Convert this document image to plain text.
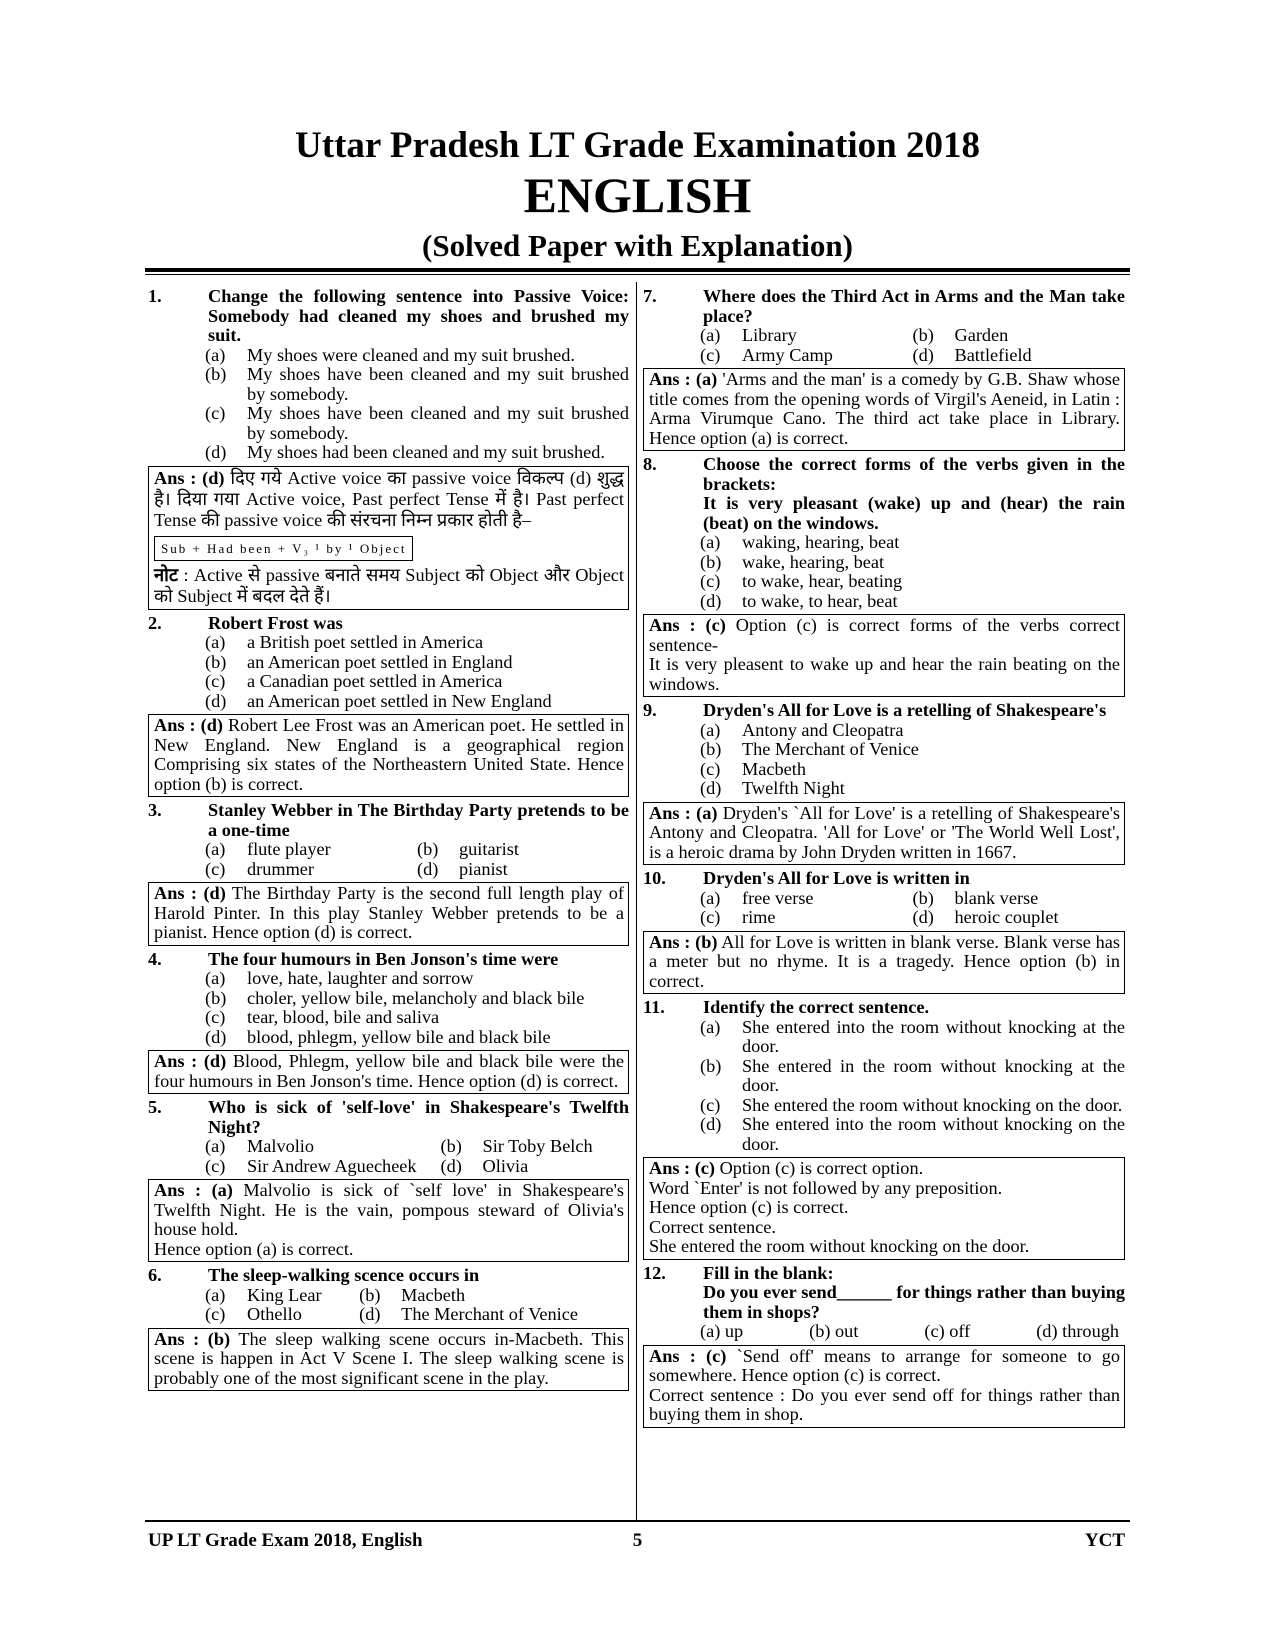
Uttar Pradesh LT Grade Examination 2018
ENGLISH
(Solved Paper with Explanation)
1.	Change the following sentence into Passive Voice: Somebody had cleaned my shoes and brushed my suit.
(a) My shoes were cleaned and my suit brushed.
(b) My shoes have been cleaned and my suit brushed by somebody.
(c) My shoes have been cleaned and my suit brushed by somebody.
(d) My shoes had been cleaned and my suit brushed.
Ans : (d) दिए गये Active voice का passive voice विकल्प (d) शुद्ध है। दिया गया Active voice, Past perfect Tense में है। Past perfect Tense की passive voice की संरचना निम्न प्रकार होती है–
Sub + Had been + V₃ ¹ by ¹ Object
नोट : Active से passive बनाते समय Subject को Object और Object को Subject में बदल देते हैं।
2.	Robert Frost was
(a) a British poet settled in America
(b) an American poet settled in England
(c) a Canadian poet settled in America
(d) an American poet settled in New England
Ans : (d) Robert Lee Frost was an American poet. He settled in New England. New England is a geographical region Comprising six states of the Northeastern United State. Hence option (b) is correct.
3.	Stanley Webber in The Birthday Party pretends to be a one-time
(a) flute player	(b) guitarist
(c) drummer	(d) pianist
Ans : (d) The Birthday Party is the second full length play of Harold Pinter. In this play Stanley Webber pretends to be a pianist. Hence option (d) is correct.
4.	The four humours in Ben Jonson's time were
(a) love, hate, laughter and sorrow
(b) choler, yellow bile, melancholy and black bile
(c) tear, blood, bile and saliva
(d) blood, phlegm, yellow bile and black bile
Ans : (d) Blood, Phlegm, yellow bile and black bile were the four humours in Ben Jonson's time. Hence option (d) is correct.
5.	Who is sick of 'self-love' in Shakespeare's Twelfth Night?
(a) Malvolio	(b) Sir Toby Belch
(c) Sir Andrew Aguecheek	(d) Olivia
Ans : (a) Malvolio is sick of `self love' in Shakespeare's Twelfth Night. He is the vain, pompous steward of Olivia's house hold.
Hence option (a) is correct.
6.	The sleep-walking scence occurs in
(a) King Lear	(b) Macbeth
(c) Othello	(d) The Merchant of Venice
Ans : (b) The sleep walking scene occurs in-Macbeth. This scene is happen in Act V Scene I. The sleep walking scene is probably one of the most significant scene in the play.
7.	Where does the Third Act in Arms and the Man take place?
(a) Library	(b) Garden
(c) Army Camp	(d) Battlefield
Ans : (a) 'Arms and the man' is a comedy by G.B. Shaw whose title comes from the opening words of Virgil's Aeneid, in Latin : Arma Virumque Cano. The third act take place in Library. Hence option (a) is correct.
8.	Choose the correct forms of the verbs given in the brackets:
It is very pleasant (wake) up and (hear) the rain (beat) on the windows.
(a) waking, hearing, beat
(b) wake, hearing, beat
(c) to wake, hear, beating
(d) to wake, to hear, beat
Ans : (c) Option (c) is correct forms of the verbs correct sentence-
It is very pleasent to wake up and hear the rain beating on the windows.
9.	Dryden's All for Love is a retelling of Shakespeare's
(a) Antony and Cleopatra
(b) The Merchant of Venice
(c) Macbeth
(d) Twelfth Night
Ans : (a) Dryden's `All for Love' is a retelling of Shakespeare's Antony and Cleopatra. 'All for Love' or 'The World Well Lost', is a heroic drama by John Dryden written in 1667.
10. Dryden's All for Love is written in
(a) free verse	(b) blank verse
(c) rime	(d) heroic couplet
Ans : (b) All for Love is written in blank verse. Blank verse has a meter but no rhyme. It is a tragedy. Hence option (b) in correct.
11. Identify the correct sentence.
(a) She entered into the room without knocking at the door.
(b) She entered in the room without knocking at the door.
(c) She entered the room without knocking on the door.
(d) She entered into the room without knocking on the door.
Ans : (c) Option (c) is correct option.
Word `Enter' is not followed by any preposition.
Hence option (c) is correct.
Correct sentence.
She entered the room without knocking on the door.
12. Fill in the blank:
Do you ever send______ for things rather than buying them in shops?
(a) up	(b) out	(c) off	(d) through
Ans : (c) `Send off' means to arrange for someone to go somewhere. Hence option (c) is correct.
Correct sentence : Do you ever send off for things rather than buying them in shop.
UP LT Grade Exam 2018, English	5	YCT
